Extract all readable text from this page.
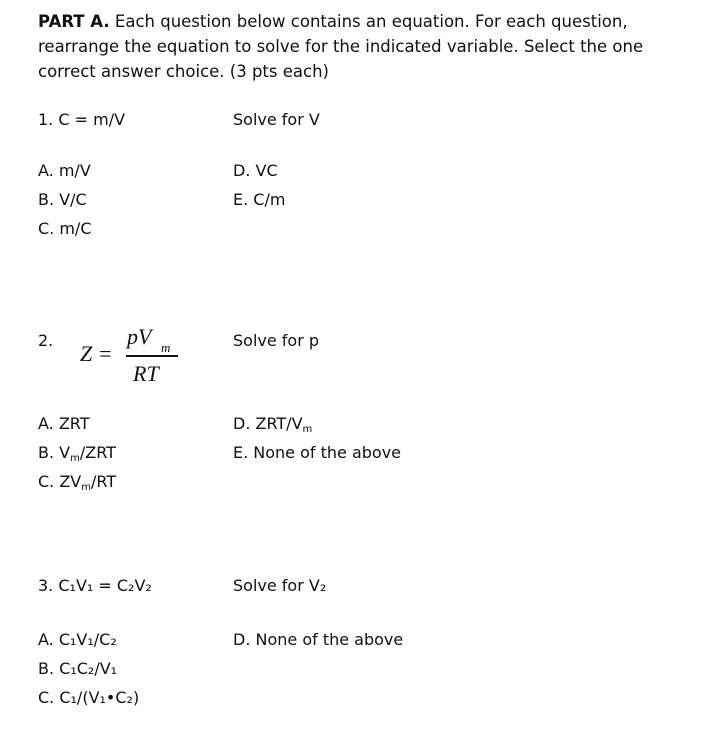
PART A. Each question below contains an equation. For each question, rearrange the equation to solve for the indicated variable. Select the one correct answer choice. (3 pts each)
1. C = m/V	Solve for V
A. m/V
B. V/C
C. m/C
D. VC
E. C/m
2.
Z =
pV m
RT
Solve for p
A. ZRT
B. $V_m$/ZRT
C. $ZV_m/RT$
D. ZRT/$V_m$
E. None of the above
3. C₁V₁ = C₂V₂	Solve for V₂
A. C₁V₁/C₂
B. C₁C₂/V₁
C. C₁/(V₁•C₂)
D. None of the above
